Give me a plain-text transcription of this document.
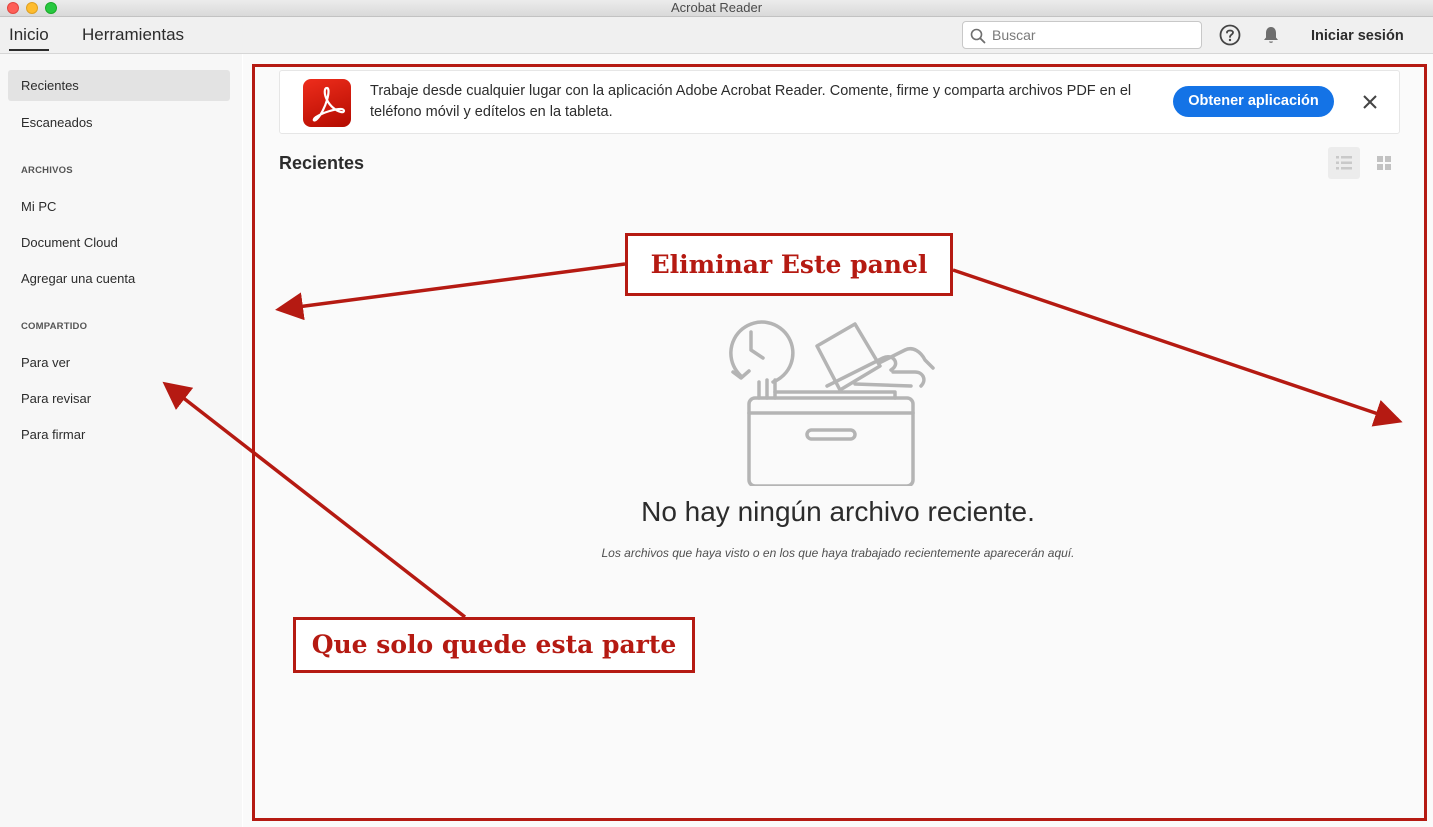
Acrobat Reader
Inicio Herramientas
Buscar	Iniciar sesión
Recientes
Escaneados
ARCHIVOS
Mi PC
Document Cloud
Agregar una cuenta
COMPARTIDO
Para ver
Para revisar
Para firmar
Trabaje desde cualquier lugar con la aplicación Adobe Acrobat Reader. Comente, firme y comparta archivos PDF en el teléfono móvil y edítelos en la tableta.
Obtener aplicación
Recientes
No hay ningún archivo reciente.
Los archivos que haya visto o en los que haya trabajado recientemente aparecerán aquí.
Eliminar Este panel
Que solo quede esta parte
